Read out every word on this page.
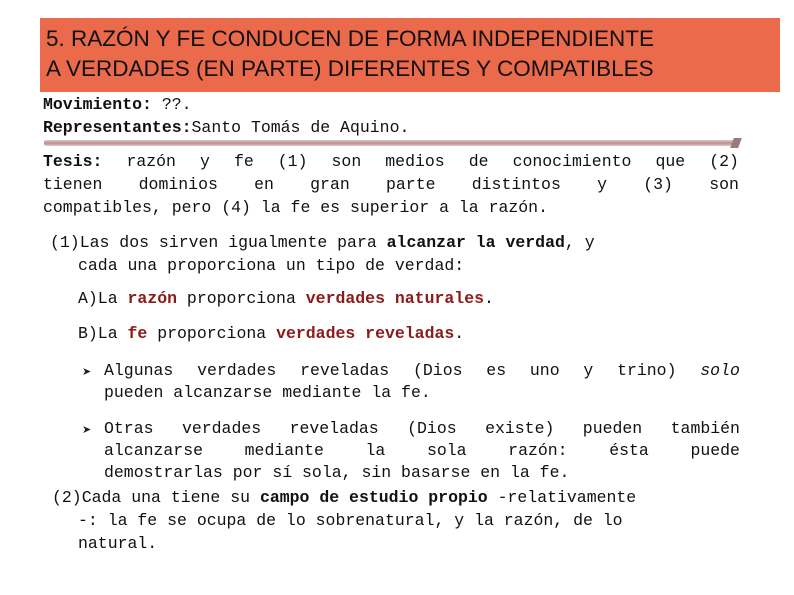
5. RAZÓN Y FE CONDUCEN DE FORMA INDEPENDIENTE
A VERDADES (EN PARTE) DIFERENTES Y COMPATIBLES
Movimiento: ??.
Representantes:Santo Tomás de Aquino.
Tesis: razón y fe (1) son medios de conocimiento que (2)
tienen dominios en gran parte distintos y (3) son
compatibles, pero (4) la fe es superior a la razón.
(1)Las dos sirven igualmente para alcanzar la verdad, y
cada una proporciona un tipo de verdad:
A)La razón proporciona verdades naturales.
B)La fe proporciona verdades reveladas.
➤ Algunas verdades reveladas (Dios es uno y trino) solo
pueden alcanzarse mediante la fe.
➤ Otras verdades reveladas (Dios existe) pueden también
alcanzarse	mediante	la	sola	razón:	ésta	puede
demostrarlas por sí sola, sin basarse en la fe.
(2)Cada una tiene su campo de estudio propio -relativamente
-: la fe se ocupa de lo sobrenatural, y la razón, de lo
natural.
